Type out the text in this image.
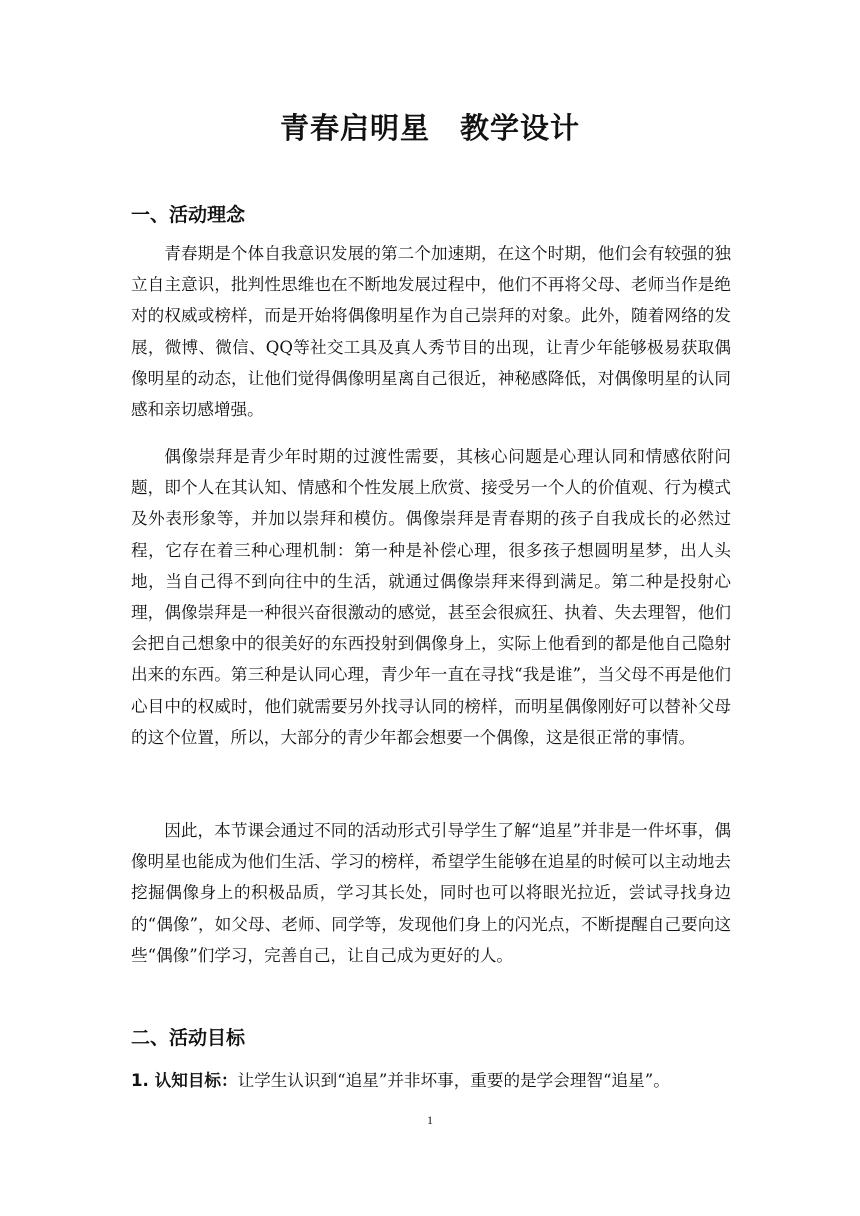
青春启明星　教学设计
一、活动理念

青春期是个体自我意识发展的第二个加速期，在这个时期，他们会有较强的独立自主意识，批判性思维也在不断地发展过程中，他们不再将父母、老师当作是绝对的权威或榜样，而是开始将偶像明星作为自己崇拜的对象。此外，随着网络的发展，微博、微信、QQ等社交工具及真人秀节目的出现，让青少年能够极易获取偶像明星的动态，让他们觉得偶像明星离自己很近，神秘感降低，对偶像明星的认同感和亲切感增强。

偶像崇拜是青少年时期的过渡性需要，其核心问题是心理认同和情感依附问题，即个人在其认知、情感和个性发展上欣赏、接受另一个人的价值观、行为模式及外表形象等，并加以崇拜和模仿。偶像崇拜是青春期的孩子自我成长的必然过程，它存在着三种心理机制：第一种是补偿心理，很多孩子想圆明星梦，出人头地，当自己得不到向往中的生活，就通过偶像崇拜来得到满足。第二种是投射心理，偶像崇拜是一种很兴奋很激动的感觉，甚至会很疯狂、执着、失去理智，他们会把自己想象中的很美好的东西投射到偶像身上，实际上他看到的都是他自己隐射出来的东西。第三种是认同心理，青少年一直在寻找“我是谁”，当父母不再是他们心目中的权威时，他们就需要另外找寻认同的榜样，而明星偶像刚好可以替补父母的这个位置，所以，大部分的青少年都会想要一个偶像，这是很正常的事情。

因此，本节课会通过不同的活动形式引导学生了解“追星”并非是一件坏事，偶像明星也能成为他们生活、学习的榜样，希望学生能够在追星的时候可以主动地去挖掘偶像身上的积极品质，学习其长处，同时也可以将眼光拉近，尝试寻找身边的“偶像”，如父母、老师、同学等，发现他们身上的闪光点，不断提醒自己要向这些“偶像”们学习，完善自己，让自己成为更好的人。

二、活动目标
1. 认知目标：让学生认识到“追星”并非坏事，重要的是学会理智“追星”。
1
